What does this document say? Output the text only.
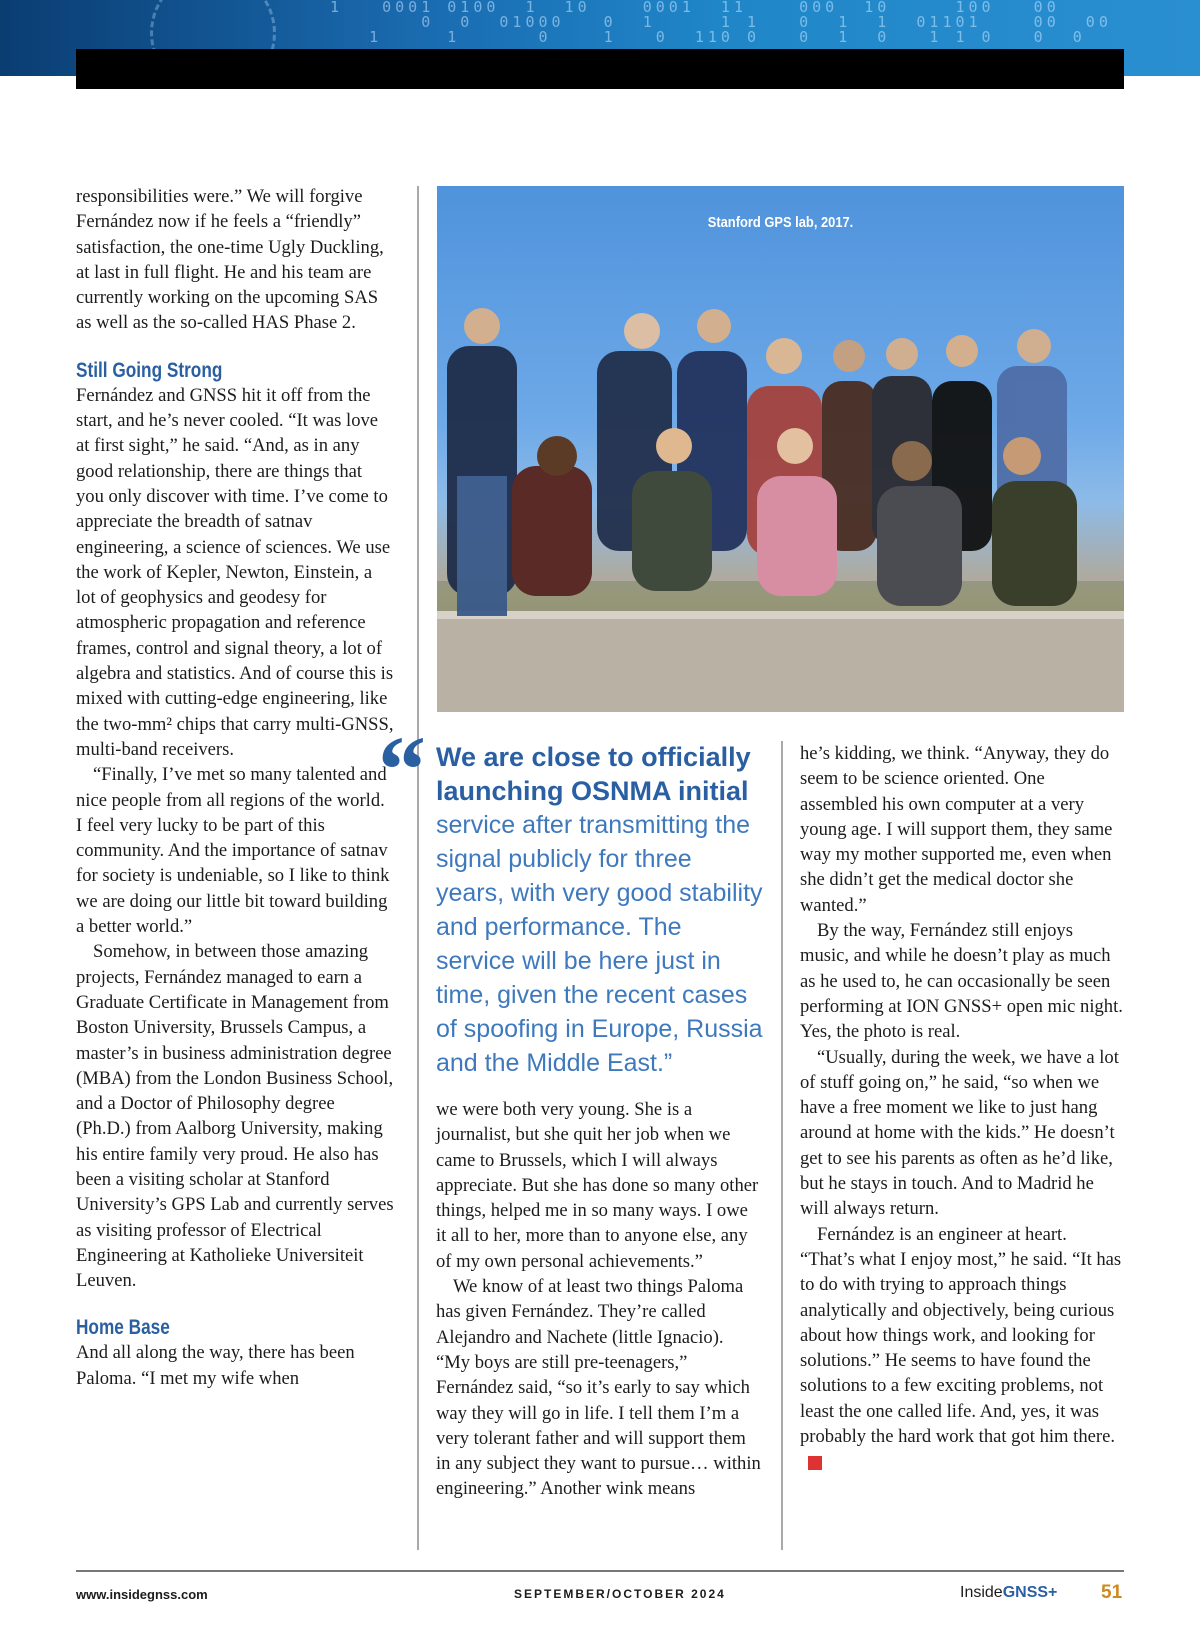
1   0001 0100  1  10    0001  11    000  10     100   00
0  0  01000   0  1     1 1   0  1  1  01101    00  00
1     1      0    1   0  110 0   0  1  0   1 1 0   0  0

responsibilities were.” We will forgive Fernández now if he feels a “friendly” satisfaction, the one-time Ugly Duckling, at last in full flight. He and his team are currently working on the upcoming SAS as well as the so-called HAS Phase 2.

Still Going Strong

Fernández and GNSS hit it off from the start, and he’s never cooled. “It was love at first sight,” he said. “And, as in any good relationship, there are things that you only discover with time. I’ve come to appreciate the breadth of satnav engineering, a science of sciences. We use the work of Kepler, Newton, Einstein, a lot of geophysics and geodesy for atmospheric propagation and reference frames, control and signal theory, a lot of algebra and statistics. And of course this is mixed with cutting-edge engineering, like the two-mm² chips that carry multi-GNSS, multi-band receivers.

“Finally, I’ve met so many talented and nice people from all regions of the world. I feel very lucky to be part of this community. And the importance of satnav for society is undeniable, so I like to think we are doing our little bit toward building a better world.”

Somehow, in between those amazing projects, Fernández managed to earn a Graduate Certificate in Management from Boston University, Brussels Campus, a master’s in business administration degree (MBA) from the London Business School, and a Doctor of Philosophy degree (Ph.D.) from Aalborg University, making his entire family very proud. He also has been a visiting scholar at Stanford University’s GPS Lab and currently serves as visiting professor of Electrical Engineering at Katholieke Universiteit Leuven.

Home Base

And all along the way, there has been Paloma. “I met my wife when

Stanford GPS lab, 2017.
“ We are close to officially launching OSNMA initial
service after transmitting the signal publicly for three years, with very good stability and performance. The service will be here just in time, given the recent cases of spoofing in Europe, Russia and the Middle East.”

we were both very young. She is a journalist, but she quit her job when we came to Brussels, which I will always appreciate. But she has done so many other things, helped me in so many ways. I owe it all to her, more than to anyone else, any of my own personal achievements.”

We know of at least two things Paloma has given Fernández. They’re called Alejandro and Nachete (little Ignacio). “My boys are still pre-teenagers,” Fernández said, “so it’s early to say which way they will go in life. I tell them I’m a very tolerant father and will support them in any subject they want to pursue… within engineering.” Another wink means

he’s kidding, we think. “Anyway, they do seem to be science oriented. One assembled his own computer at a very young age. I will support them, they same way my mother supported me, even when she didn’t get the medical doctor she wanted.”

By the way, Fernández still enjoys music, and while he doesn’t play as much as he used to, he can occasionally be seen performing at ION GNSS+ open mic night. Yes, the photo is real.

“Usually, during the week, we have a lot of stuff going on,” he said, “so when we have a free moment we like to just hang around at home with the kids.” He doesn’t get to see his parents as often as he’d like, but he stays in touch. And to Madrid he will always return.

Fernández is an engineer at heart. “That’s what I enjoy most,” he said. “It has to do with trying to approach things analytically and objectively, being curious about how things work, and looking for solutions.” He seems to have found the solutions to a few exciting problems, not least the one called life. And, yes, it was probably the hard work that got him there.IG

www.insidegnss.com	SEPTEMBER/OCTOBER 2024	InsideGNSS+ 51
